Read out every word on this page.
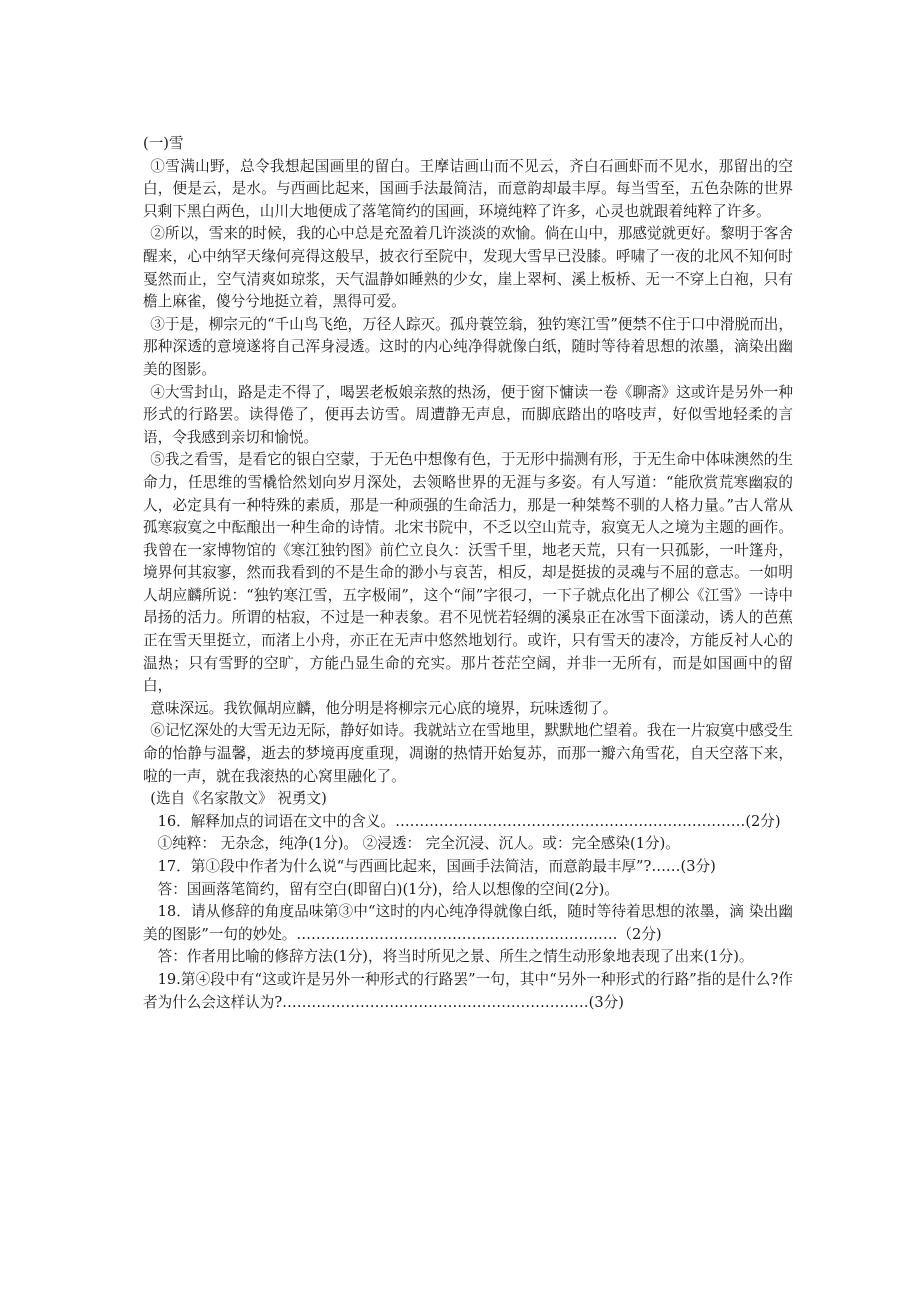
(一)雪

①雪满山野，总令我想起国画里的留白。王摩诘画山而不见云，齐白石画虾而不见水，那留出的空白，便是云，是水。与西画比起来，国画手法最简洁，而意韵却最丰厚。每当雪至，五色杂陈的世界只剩下黑白两色，山川大地便成了落笔简约的国画，环境纯粹了许多，心灵也就跟着纯粹了许多。

②所以，雪来的时候，我的心中总是充盈着几许淡淡的欢愉。倘在山中，那感觉就更好。黎明于客舍醒来，心中纳罕天缘何亮得这般早，披衣行至院中，发现大雪早已没膝。呼啸了一夜的北风不知何时戛然而止，空气清爽如琼浆，天气温静如睡熟的少女，崖上翠柯、溪上板桥、无一不穿上白袍，只有檐上麻雀，傻兮兮地挺立着，黑得可爱。

③于是，柳宗元的“千山鸟飞绝，万径人踪灭。孤舟蓑笠翁，独钓寒江雪”便禁不住于口中滑脱而出，那种深透的意境遂将自己浑身浸透。这时的内心纯净得就像白纸，随时等待着思想的浓墨，滴染出幽美的图影。

④大雪封山，路是走不得了，喝罢老板娘亲熬的热汤，便于窗下慵读一卷《聊斋》这或许是另外一种形式的行路罢。读得倦了，便再去访雪。周遭静无声息，而脚底踏出的咯吱声，好似雪地轻柔的言语，令我感到亲切和愉悦。

⑤我之看雪，是看它的银白空蒙，于无色中想像有色，于无形中揣测有形，于无生命中体味澳然的生命力，任思维的雪橇恰然划向岁月深处，去领略世界的无涯与多姿。有人写道：“能欣赏荒寒幽寂的人，必定具有一种特殊的素质，那是一种顽强的生命活力，那是一种桀骜不驯的人格力量。”古人常从孤寒寂寞之中酝酿出一种生命的诗情。北宋书院中，不乏以空山荒寺，寂寞无人之境为主题的画作。我曾在一家博物馆的《寒江独钓图》前伫立良久：沃雪千里，地老天荒，只有一只孤影，一叶篷舟，境界何其寂寥，然而我看到的不是生命的渺小与哀苦，相反，却是挺拔的灵魂与不屈的意志。一如明人胡应麟所说：“独钓寒江雪，五字极闹”，这个“闹”字很刁，一下子就点化出了柳公《江雪》一诗中昂扬的活力。所谓的枯寂，不过是一种表象。君不见恍若轻绸的溪泉正在冰雪下面漾动，诱人的芭蕉正在雪天里挺立，而渚上小舟，亦正在无声中悠然地划行。或许，只有雪天的凄冷，方能反衬人心的温热；只有雪野的空旷，方能凸显生命的充实。那片苍茫空阔，并非一无所有，而是如国画中的留白，

意味深远。我钦佩胡应麟，他分明是将柳宗元心底的境界，玩味透彻了。

⑥记忆深处的大雪无边无际，静好如诗。我就站立在雪地里，默默地伫望着。我在一片寂寞中感受生命的怡静与温馨，逝去的梦境再度重现，凋谢的热情开始复苏，而那一瓣六角雪花，自天空落下来，啦的一声，就在我滚热的心窝里融化了。

(选自《名家散文》 祝勇文)

16．解释加点的词语在文中的含义。………………………………………………………………(2分)

①纯粹： 无杂念，纯净(1分)。 ②浸透： 完全沉浸、沉人。或：完全感染(1分)。

17．第①段中作者为什么说“与西画比起来，国画手法简洁，而意韵最丰厚”?……(3分)

答：国画落笔简约，留有空白(即留白)(1分)，给人以想像的空间(2分)。

18．请从修辞的角度品味第③中“这时的内心纯净得就像白纸，随时等待着思想的浓墨，滴 染出幽美的图影”一句的妙处。…………………………………………………………（2分)

答：作者用比喻的修辞方法(1分)，将当时所见之景、所生之情生动形象地表现了出来(1分)。

19.第④段中有“这或许是另外一种形式的行路罢”一句，其中“另外一种形式的行路”指的是什么?作者为什么会这样认为?………………………………………………………(3分)
